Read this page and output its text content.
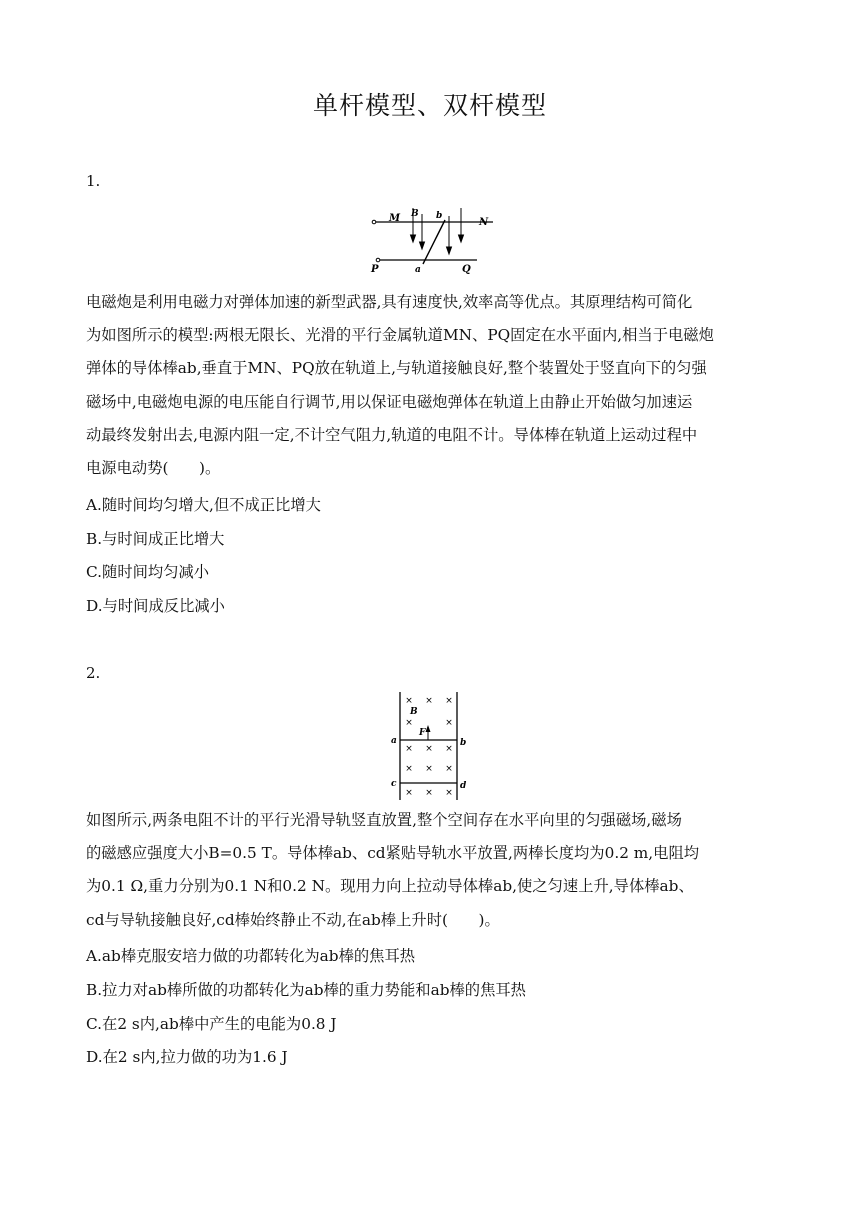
单杆模型、双杆模型
1.
M B b
N
P	a	Q
电磁炮是利用电磁力对弹体加速的新型武器,具有速度快,效率高等优点。其原理结构可简化
为如图所示的模型:两根无限长、光滑的平行金属轨道MN、PQ固定在水平面内,相当于电磁炮
弹体的导体棒ab,垂直于MN、PQ放在轨道上,与轨道接触良好,整个装置处于竖直向下的匀强
磁场中,电磁炮电源的电压能自行调节,用以保证电磁炮弹体在轨道上由静止开始做匀加速运
动最终发射出去,电源内阻一定,不计空气阻力,轨道的电阻不计。导体棒在轨道上运动过程中
电源电动势(　　)。
A.随时间均匀增大,但不成正比增大
B.与时间成正比增大
C.随时间均匀减小
D.与时间成反比减小
2.
× × ×
×	×
× × ×
× × ×
× × ×
B
F
a	b
c	d
如图所示,两条电阻不计的平行光滑导轨竖直放置,整个空间存在水平向里的匀强磁场,磁场
的磁感应强度大小B=0.5 T。导体棒ab、cd紧贴导轨水平放置,两棒长度均为0.2 m,电阻均
为0.1 Ω,重力分别为0.1 N和0.2 N。现用力向上拉动导体棒ab,使之匀速上升,导体棒ab、
cd与导轨接触良好,cd棒始终静止不动,在ab棒上升时(　　)。
A.ab棒克服安培力做的功都转化为ab棒的焦耳热
B.拉力对ab棒所做的功都转化为ab棒的重力势能和ab棒的焦耳热
C.在2 s内,ab棒中产生的电能为0.8 J
D.在2 s内,拉力做的功为1.6 J
